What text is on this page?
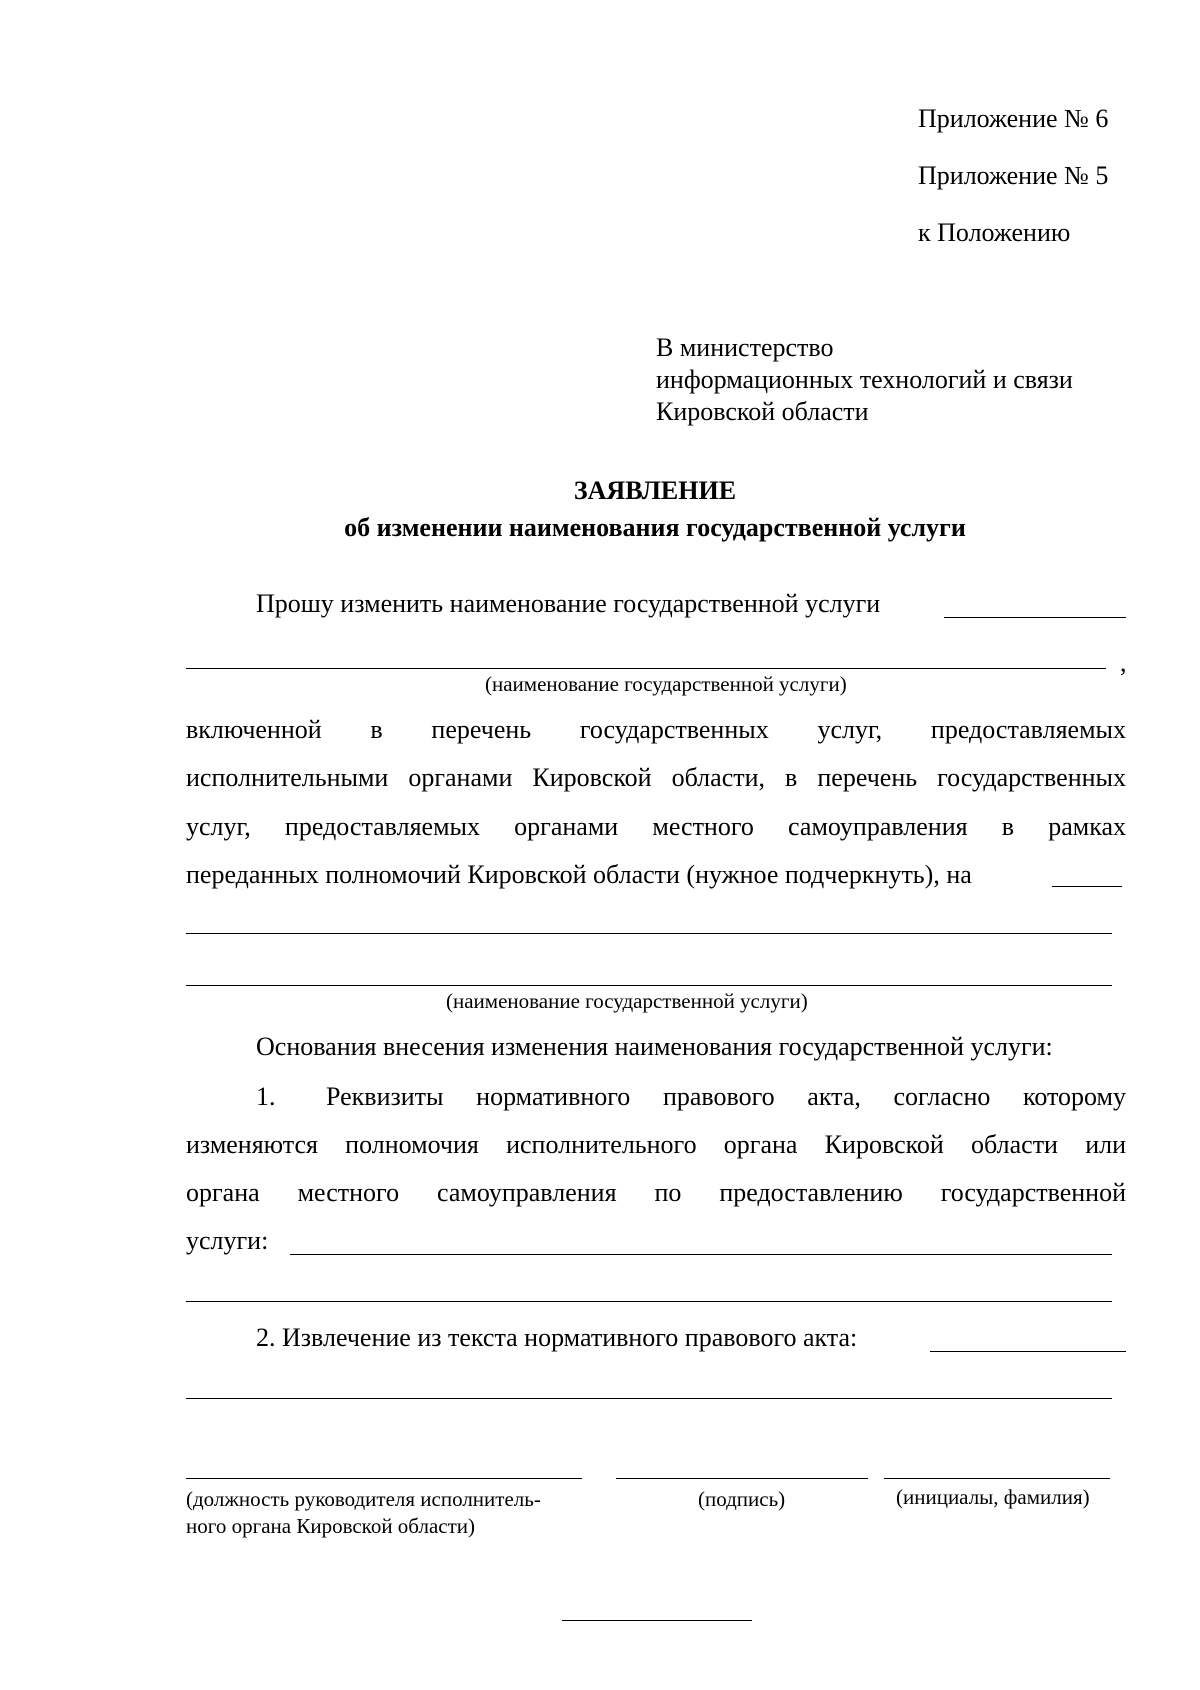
Приложение № 6
Приложение № 5
к Положению
В министерство
информационных технологий и связи
Кировской области
ЗАЯВЛЕНИЕ
об изменении наименования государственной услуги
Прошу изменить наименование государственной услуги
,
(наименование государственной услуги)
включенной в перечень государственных услуг, предоставляемых
исполнительными органами Кировской области, в перечень государственных
услуг, предоставляемых органами местного самоуправления в рамках
переданных полномочий Кировской области (нужное подчеркнуть), на
(наименование государственной услуги)
Основания внесения изменения наименования государственной услуги:
1. Реквизиты нормативного правового акта, согласно которому
изменяются полномочия исполнительного органа Кировской области или
органа местного самоуправления по предоставлению государственной
услуги:
2. Извлечение из текста нормативного правового акта:
(должность руководителя исполнитель-
ного органа Кировской области)
(подпись)	(инициалы, фамилия)
